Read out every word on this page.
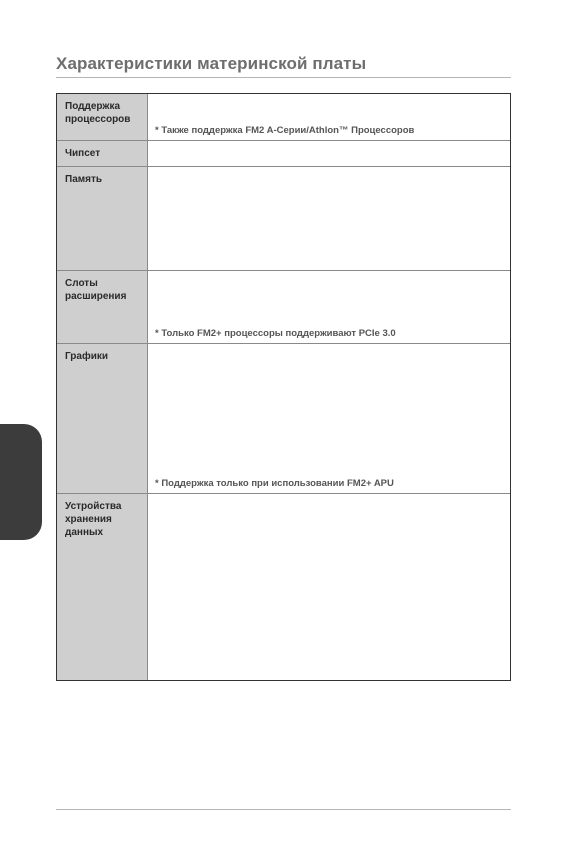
Характеристики материнской платы
Поддержка процессоров
* Также поддержка FM2 A-Серии/Athlon™ Процессоров
Чипсет
Память
Слоты расширения
* Только FM2+ процессоры поддерживают PCIe 3.0
Графики
* Поддержка только при использовании FM2+ APU
Устройства хранения данных
